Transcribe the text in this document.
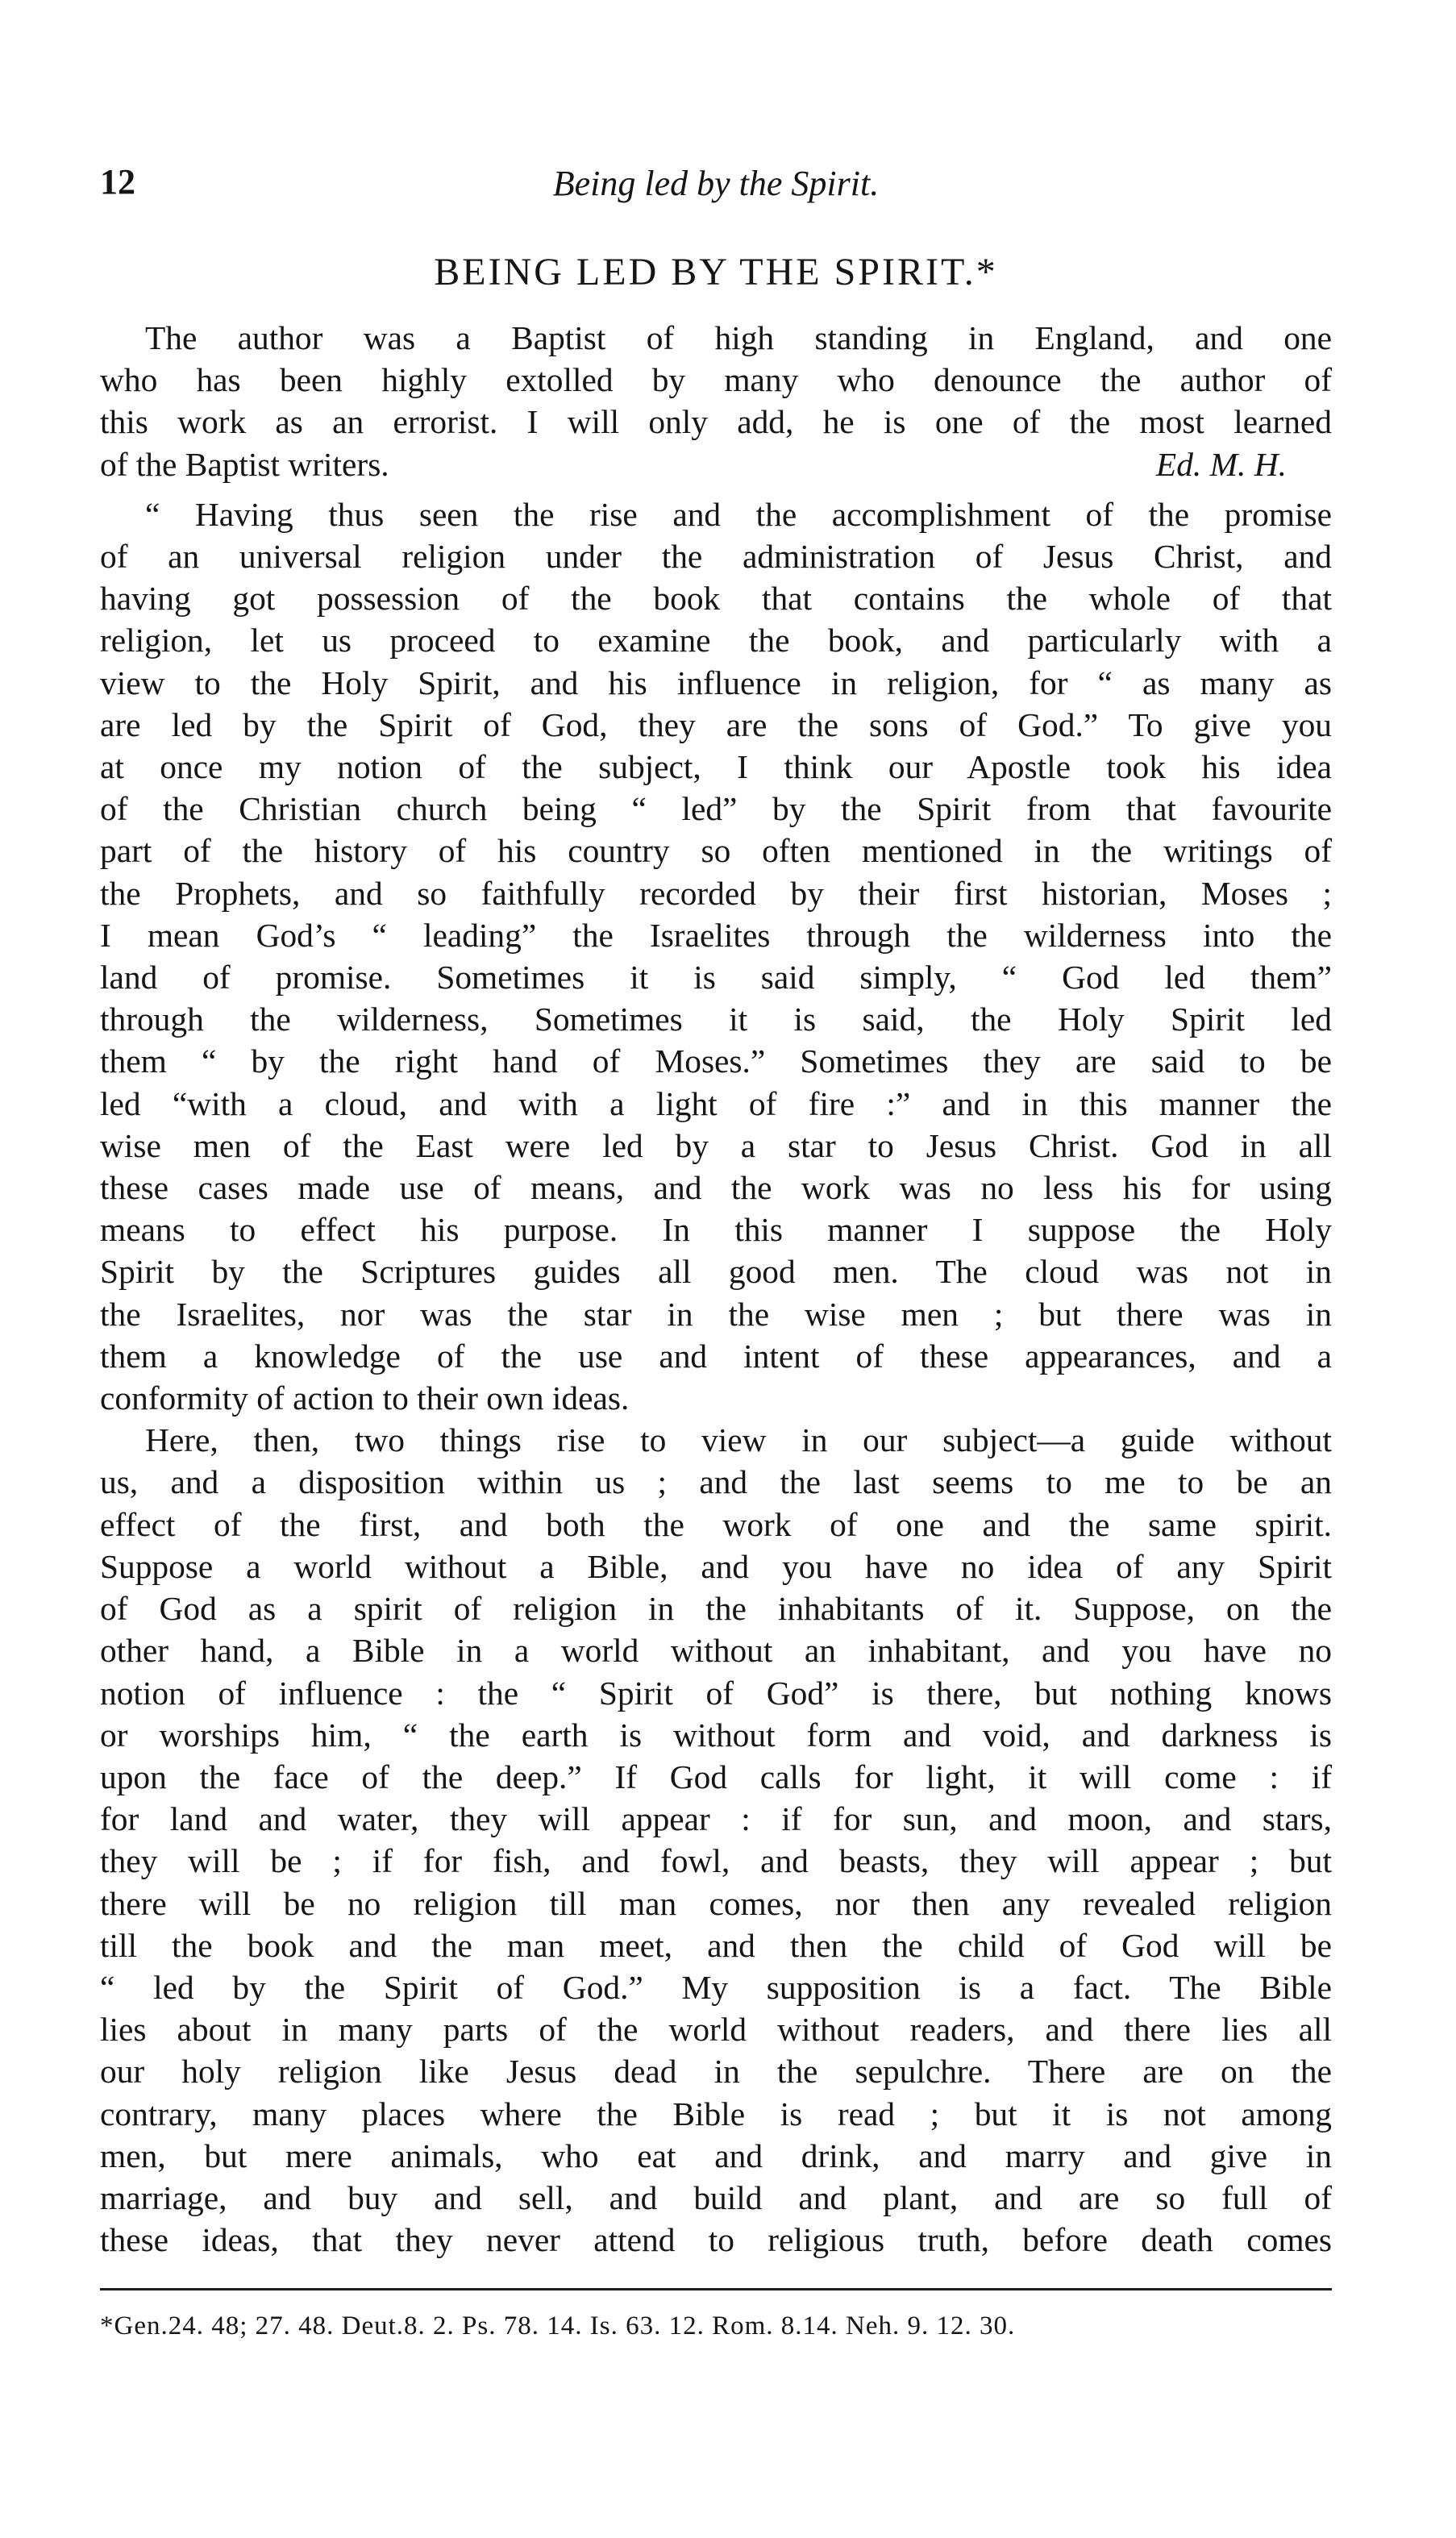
12	Being led by the Spirit.
BEING LED BY THE SPIRIT.*

The author was a Baptist of high standing in England, and one

who has been highly extolled by many who denounce the author of

this work as an errorist. I will only add, he is one of the most learned

of the Baptist writers.	Ed. M. H.

“ Having thus seen the rise and the accomplishment of the promise

of an universal religion under the administration of Jesus Christ, and

having got possession of the book that contains the whole of that

religion, let us proceed to examine the book, and particularly with a

view to the Holy Spirit, and his influence in religion, for “ as many as

are led by the Spirit of God, they are the sons of God.” To give you

at once my notion of the subject, I think our Apostle took his idea

of the Christian church being “ led” by the Spirit from that favourite

part of the history of his country so often mentioned in the writings of

the Prophets, and so faithfully recorded by their first historian, Moses ;

I mean God’s “ leading” the Israelites through the wilderness into the

land of promise. Sometimes it is said simply, “ God led them”

through the wilderness, Sometimes it is said, the Holy Spirit led

them “ by the right hand of Moses.” Sometimes they are said to be

led “with a cloud, and with a light of fire :” and in this manner the

wise men of the East were led by a star to Jesus Christ. God in all

these cases made use of means, and the work was no less his for using

means to effect his purpose. In this manner I suppose the Holy

Spirit by the Scriptures guides all good men. The cloud was not in

the Israelites, nor was the star in the wise men ; but there was in

them a knowledge of the use and intent of these appearances, and a

conformity of action to their own ideas.

Here, then, two things rise to view in our subject—a guide without

us, and a disposition within us ; and the last seems to me to be an

effect of the first, and both the work of one and the same spirit.

Suppose a world without a Bible, and you have no idea of any Spirit

of God as a spirit of religion in the inhabitants of it. Suppose, on the

other hand, a Bible in a world without an inhabitant, and you have no

notion of influence : the “ Spirit of God” is there, but nothing knows

or worships him, “ the earth is without form and void, and darkness is

upon the face of the deep.” If God calls for light, it will come : if

for land and water, they will appear : if for sun, and moon, and stars,

they will be ; if for fish, and fowl, and beasts, they will appear ; but

there will be no religion till man comes, nor then any revealed religion

till the book and the man meet, and then the child of God will be

“ led by the Spirit of God.” My supposition is a fact. The Bible

lies about in many parts of the world without readers, and there lies all

our holy religion like Jesus dead in the sepulchre. There are on the

contrary, many places where the Bible is read ; but it is not among

men, but mere animals, who eat and drink, and marry and give in

marriage, and buy and sell, and build and plant, and are so full of

these ideas, that they never attend to religious truth, before death comes

*Gen.24. 48; 27. 48. Deut.8. 2. Ps. 78. 14. Is. 63. 12. Rom. 8.14. Neh. 9. 12. 30.
